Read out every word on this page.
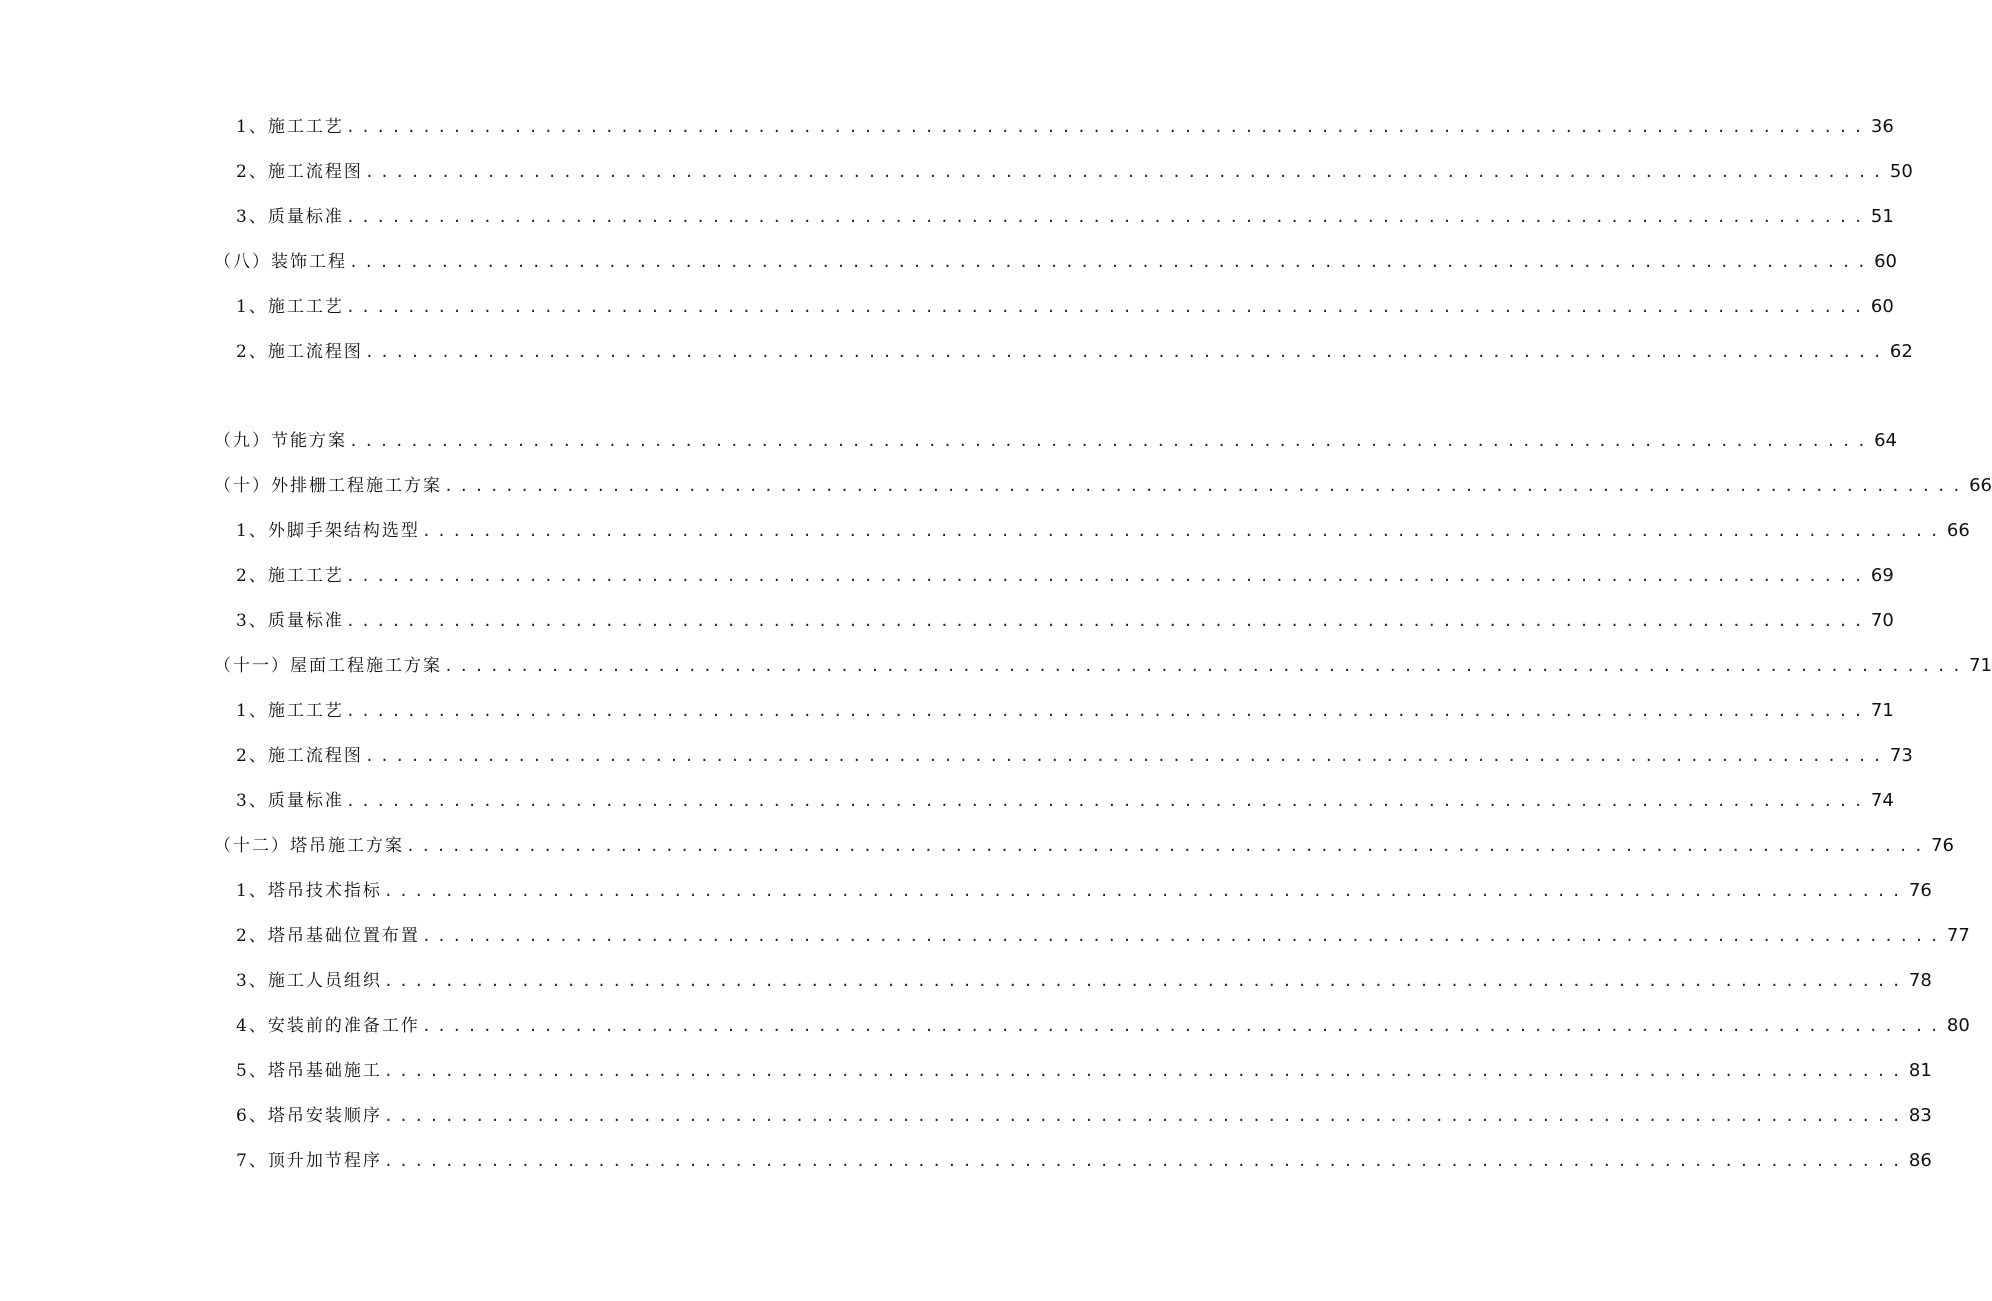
1、施工工艺 .................................................................................................... 36
2、施工流程图 .................................................................................................... 50
3、质量标准 .................................................................................................... 51
（八）装饰工程 .................................................................................................... 60
1、施工工艺 .................................................................................................... 60
2、施工流程图 .................................................................................................... 62
（九）节能方案 .................................................................................................... 64
（十）外排栅工程施工方案 .................................................................................................... 66
1、外脚手架结构选型 .................................................................................................... 66
2、施工工艺 .................................................................................................... 69
3、质量标准 .................................................................................................... 70
（十一）屋面工程施工方案 .................................................................................................... 71
1、施工工艺 .................................................................................................... 71
2、施工流程图 .................................................................................................... 73
3、质量标准 .................................................................................................... 74
（十二）塔吊施工方案 .................................................................................................... 76
1、塔吊技术指标 .................................................................................................... 76
2、塔吊基础位置布置 .................................................................................................... 77
3、施工人员组织 .................................................................................................... 78
4、安装前的准备工作 .................................................................................................... 80
5、塔吊基础施工 .................................................................................................... 81
6、塔吊安装顺序 .................................................................................................... 83
7、顶升加节程序 .................................................................................................... 86
